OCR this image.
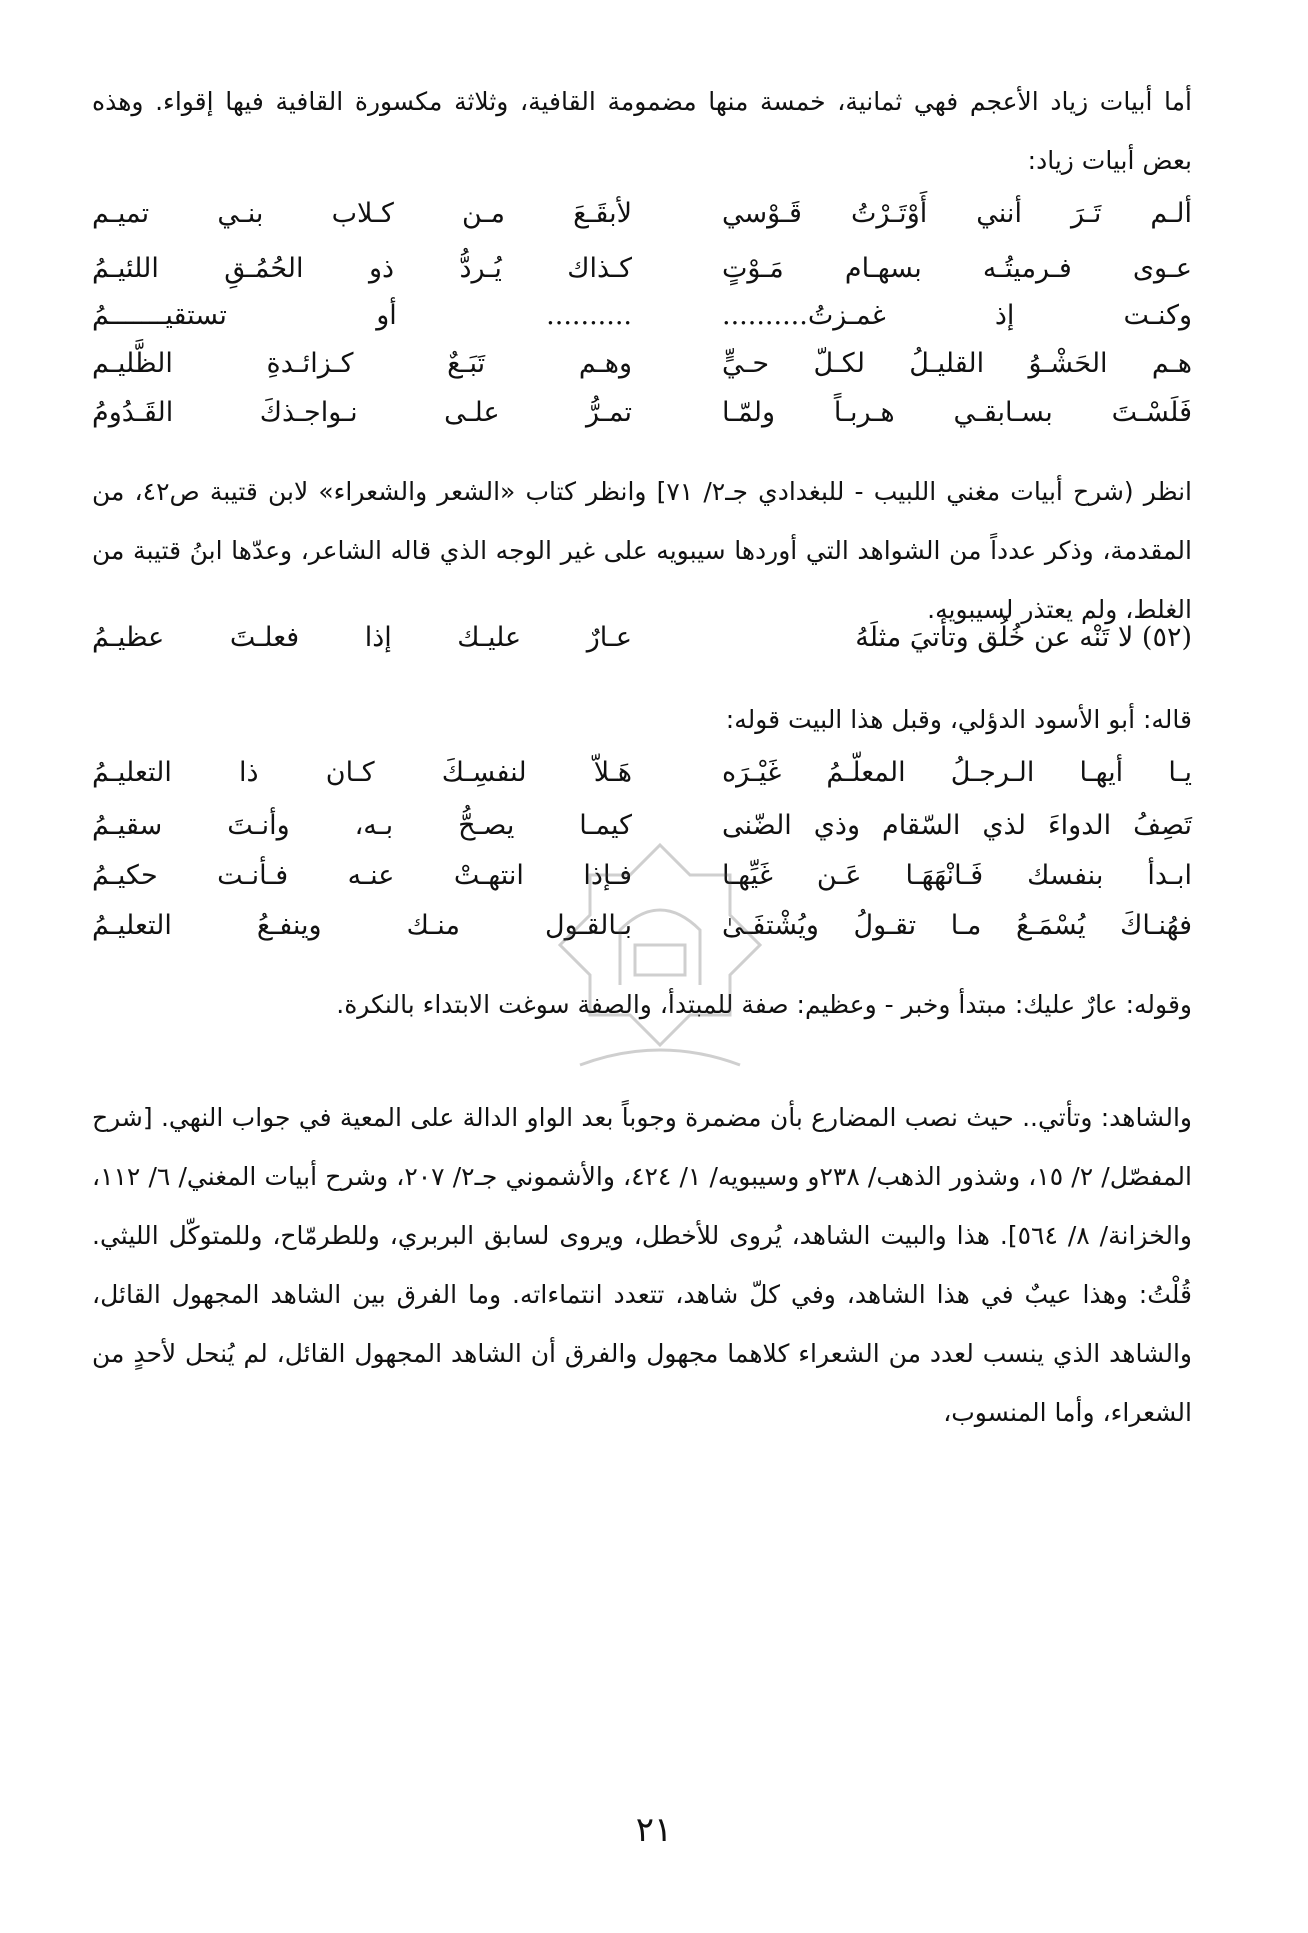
أما أبيات زياد الأعجم فهي ثمانية، خمسة منها مضمومة القافية، وثلاثة مكسورة القافية فيها إقواء. وهذه بعض أبيات زياد:
ألـم تَـرَ أنني أَوْتَـرْتُ قَـوْسي
لأبقَـعَ مـن كـلاب بنـي تميـم
عـوى فـرميتُـه بسهـام مَـوْتٍ
كـذاك يُـردُّ ذو الحُمُـقِ اللئيـمُ
وكنـت إذ غمـزتُ..........
.......... أو تستقيـــــــمُ
هـم الحَشْـوُ القليـلُ لكـلّ حـيٍّ
وهـم تَبَـعٌ كـزائـدةِ الظَّليـم
فَلَسْـتَ بسـابقـي هـربـاً ولمّـا
تمـرُّ علـى نـواجـذكَ القَـدُومُ
انظر (شرح أبيات مغني اللبيب - للبغدادي جـ٢/ ٧١] وانظر كتاب «الشعر والشعراء» لابن قتيبة ص٤٢، من المقدمة، وذكر عدداً من الشواهد التي أوردها سيبويه على غير الوجه الذي قاله الشاعر، وعدّها ابنُ قتيبة من الغلط، ولم يعتذر لسيبويه.
(٥٢) لا تَنْه عن خُلُق وتأتيَ مثلَهُ
عـارٌ عليـك إذا فعلـتَ عظيـمُ
قاله: أبو الأسود الدؤلي، وقبل هذا البيت قوله:
يـا أيهـا الـرجـلُ المعلّـمُ غَيْـرَه
هَـلاّ لنفسِـكَ كـان ذا التعليـمُ
تَصِفُ الدواءَ لذي السّقام وذي الضّنى
كيمـا يصـحُّ بـه، وأنـتَ سقيـمُ
ابـدأ بنفسك فَـانْهَهَـا عَـن غَيِّهـا
فـإذا انتهـتْ عنـه فـأنـت حكيـمُ
فهُنـاكَ يُسْمَـعُ مـا تقـولُ ويُشْتفَـىٰ
بـالقـول منـك وينفـعُ التعليـمُ
وقوله: عارٌ عليك: مبتدأ وخبر - وعظيم: صفة للمبتدأ، والصفة سوغت الابتداء بالنكرة.
والشاهد: وتأتي.. حيث نصب المضارع بأن مضمرة وجوباً بعد الواو الدالة على المعية في جواب النهي. [شرح المفصّل/ ٢/ ١٥، وشذور الذهب/ ٢٣٨و وسيبويه/ ١/ ٤٢٤، والأشموني جـ٢/ ٢٠٧، وشرح أبيات المغني/ ٦/ ١١٢، والخزانة/ ٨/ ٥٦٤]. هذا والبيت الشاهد، يُروى للأخطل، ويروى لسابق البربري، وللطرمّاح، وللمتوكّل الليثي. قُلْتُ: وهذا عيبٌ في هذا الشاهد، وفي كلّ شاهد، تتعدد انتماءاته. وما الفرق بين الشاهد المجهول القائل، والشاهد الذي ينسب لعدد من الشعراء كلاهما مجهول والفرق أن الشاهد المجهول القائل، لم يُنحل لأحدٍ من الشعراء، وأما المنسوب،
٢١
